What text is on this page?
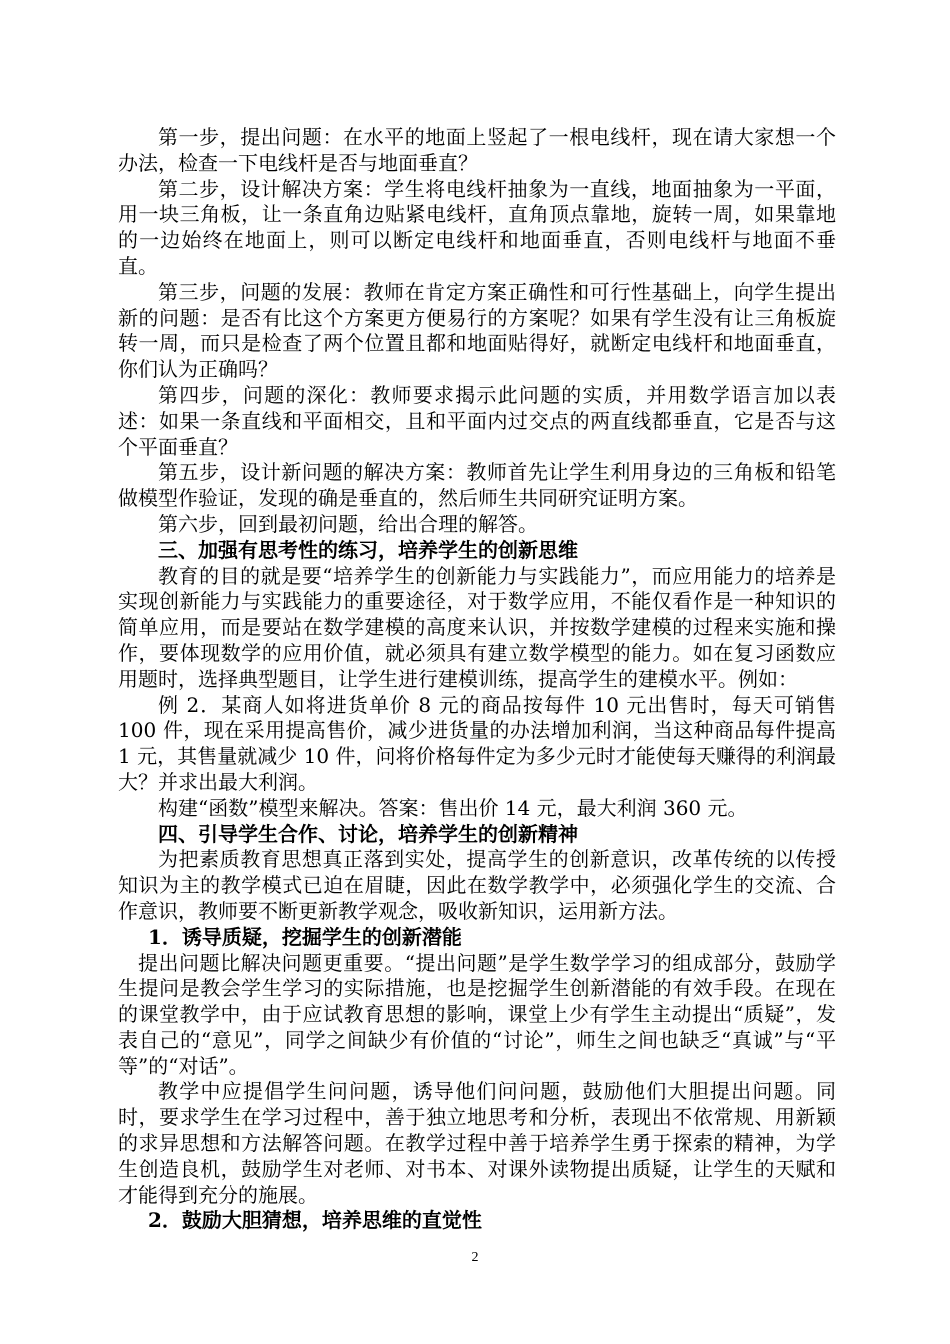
第一步，提出问题：在水平的地面上竖起了一根电线杆，现在请大家想一个办法，检查一下电线杆是否与地面垂直？

第二步，设计解决方案：学生将电线杆抽象为一直线，地面抽象为一平面，用一块三角板，让一条直角边贴紧电线杆，直角顶点靠地，旋转一周，如果靠地的一边始终在地面上，则可以断定电线杆和地面垂直，否则电线杆与地面不垂直。

第三步，问题的发展：教师在肯定方案正确性和可行性基础上，向学生提出新的问题：是否有比这个方案更方便易行的方案呢？如果有学生没有让三角板旋转一周，而只是检查了两个位置且都和地面贴得好，就断定电线杆和地面垂直，你们认为正确吗？

第四步，问题的深化：教师要求揭示此问题的实质，并用数学语言加以表述：如果一条直线和平面相交，且和平面内过交点的两直线都垂直，它是否与这个平面垂直？

第五步，设计新问题的解决方案：教师首先让学生利用身边的三角板和铅笔做模型作验证，发现的确是垂直的，然后师生共同研究证明方案。

第六步，回到最初问题，给出合理的解答。

三、加强有思考性的练习，培养学生的创新思维

教育的目的就是要“培养学生的创新能力与实践能力”，而应用能力的培养是实现创新能力与实践能力的重要途径，对于数学应用，不能仅看作是一种知识的简单应用，而是要站在数学建模的高度来认识，并按数学建模的过程来实施和操作，要体现数学的应用价值，就必须具有建立数学模型的能力。如在复习函数应用题时，选择典型题目，让学生进行建模训练，提高学生的建模水平。例如：

例 2．某商人如将进货单价 8 元的商品按每件 10 元出售时，每天可销售 100 件，现在采用提高售价，减少进货量的办法增加利润，当这种商品每件提高 1 元，其售量就减少 10 件，问将价格每件定为多少元时才能使每天赚得的利润最大？并求出最大利润。

构建“函数”模型来解决。答案：售出价 14 元，最大利润 360 元。

四、引导学生合作、讨论，培养学生的创新精神

为把素质教育思想真正落到实处，提高学生的创新意识，改革传统的以传授知识为主的教学模式已迫在眉睫，因此在数学教学中，必须强化学生的交流、合作意识，教师要不断更新教学观念，吸收新知识，运用新方法。

1．诱导质疑，挖掘学生的创新潜能

提出问题比解决问题更重要。“提出问题”是学生数学学习的组成部分，鼓励学生提问是教会学生学习的实际措施，也是挖掘学生创新潜能的有效手段。在现在的课堂教学中，由于应试教育思想的影响，课堂上少有学生主动提出“质疑”，发表自己的“意见”，同学之间缺少有价值的“讨论”，师生之间也缺乏“真诚”与“平等”的“对话”。

教学中应提倡学生问问题，诱导他们问问题，鼓励他们大胆提出问题。同时，要求学生在学习过程中，善于独立地思考和分析，表现出不依常规、用新颖的求异思想和方法解答问题。在教学过程中善于培养学生勇于探索的精神，为学生创造良机，鼓励学生对老师、对书本、对课外读物提出质疑，让学生的天赋和才能得到充分的施展。

2．鼓励大胆猜想，培养思维的直觉性

2
